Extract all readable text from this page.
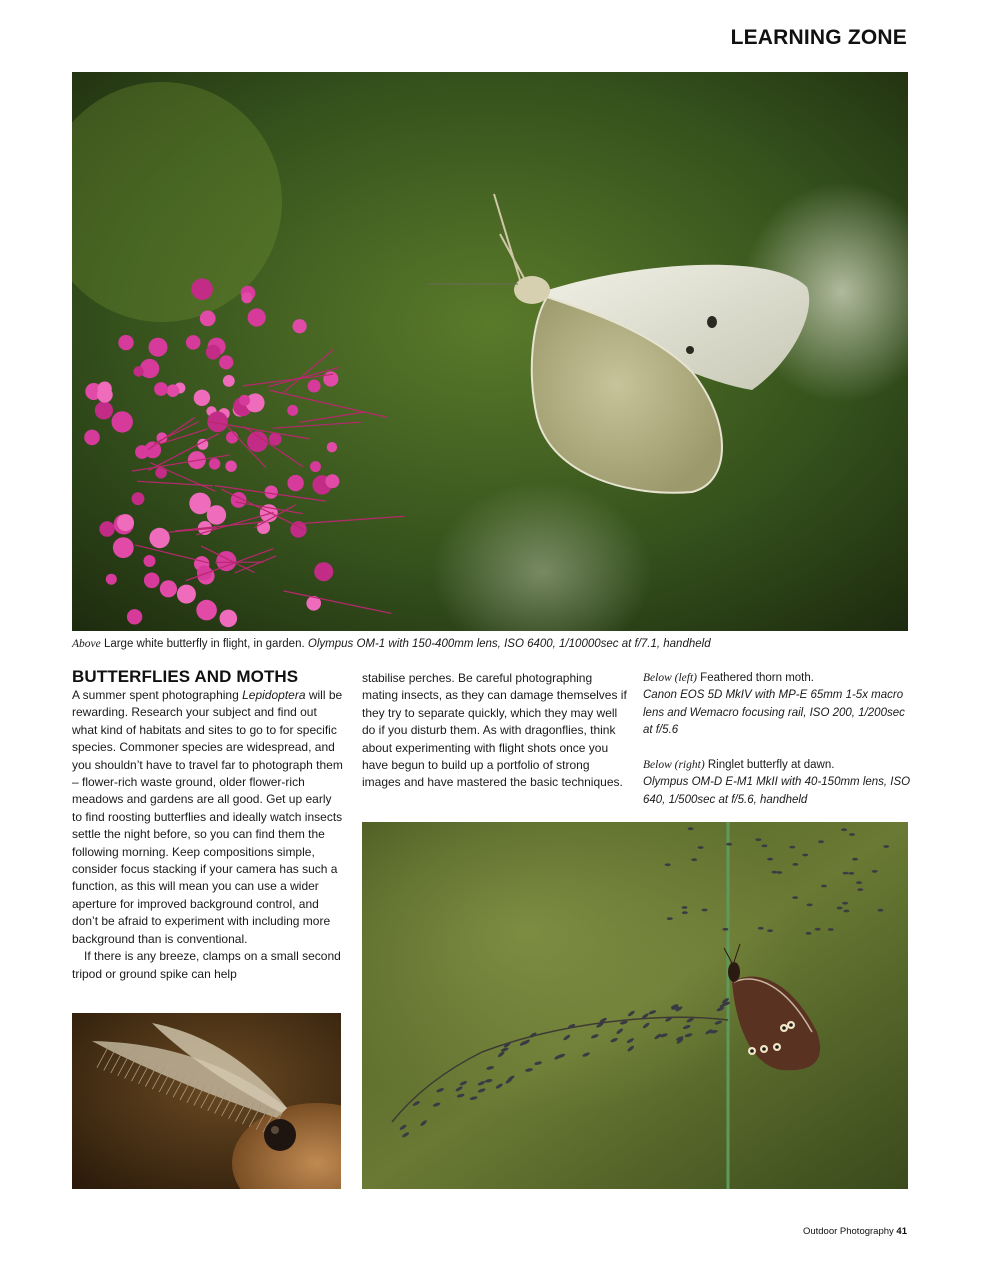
LEARNING ZONE
Above Large white butterfly in flight, in garden. Olympus OM-1 with 150-400mm lens, ISO 6400, 1/10000sec at f/7.1, handheld
BUTTERFLIES AND MOTHS

A summer spent photographing Lepidoptera will be rewarding. Research your subject and find out what kind of habitats and sites to go to for specific species. Commoner species are widespread, and you shouldn’t have to travel far to photograph them – flower-rich waste ground, older flower-rich meadows and gardens are all good. Get up early to find roosting butterflies and ideally watch insects settle the night before, so you can find them the following morning. Keep compositions simple, consider focus stacking if your camera has such a function, as this will mean you can use a wider aperture for improved background control, and don’t be afraid to experiment with including more background than is conventional.

If there is any breeze, clamps on a small second tripod or ground spike can help

stabilise perches. Be careful photographing mating insects, as they can damage themselves if they try to separate quickly, which they may well do if you disturb them. As with dragonflies, think about experimenting with flight shots once you have begun to build up a portfolio of strong images and have mastered the basic techniques.

Below (left) Feathered thorn moth.
Canon EOS 5D MkIV with MP-E 65mm 1-5x macro lens and Wemacro focusing rail, ISO 200, 1/200sec at f/5.6
Below (right) Ringlet butterfly at dawn.
Olympus OM-D E-M1 MkII with 40-150mm lens, ISO 640, 1/500sec at f/5.6, handheld
Outdoor Photography 41
